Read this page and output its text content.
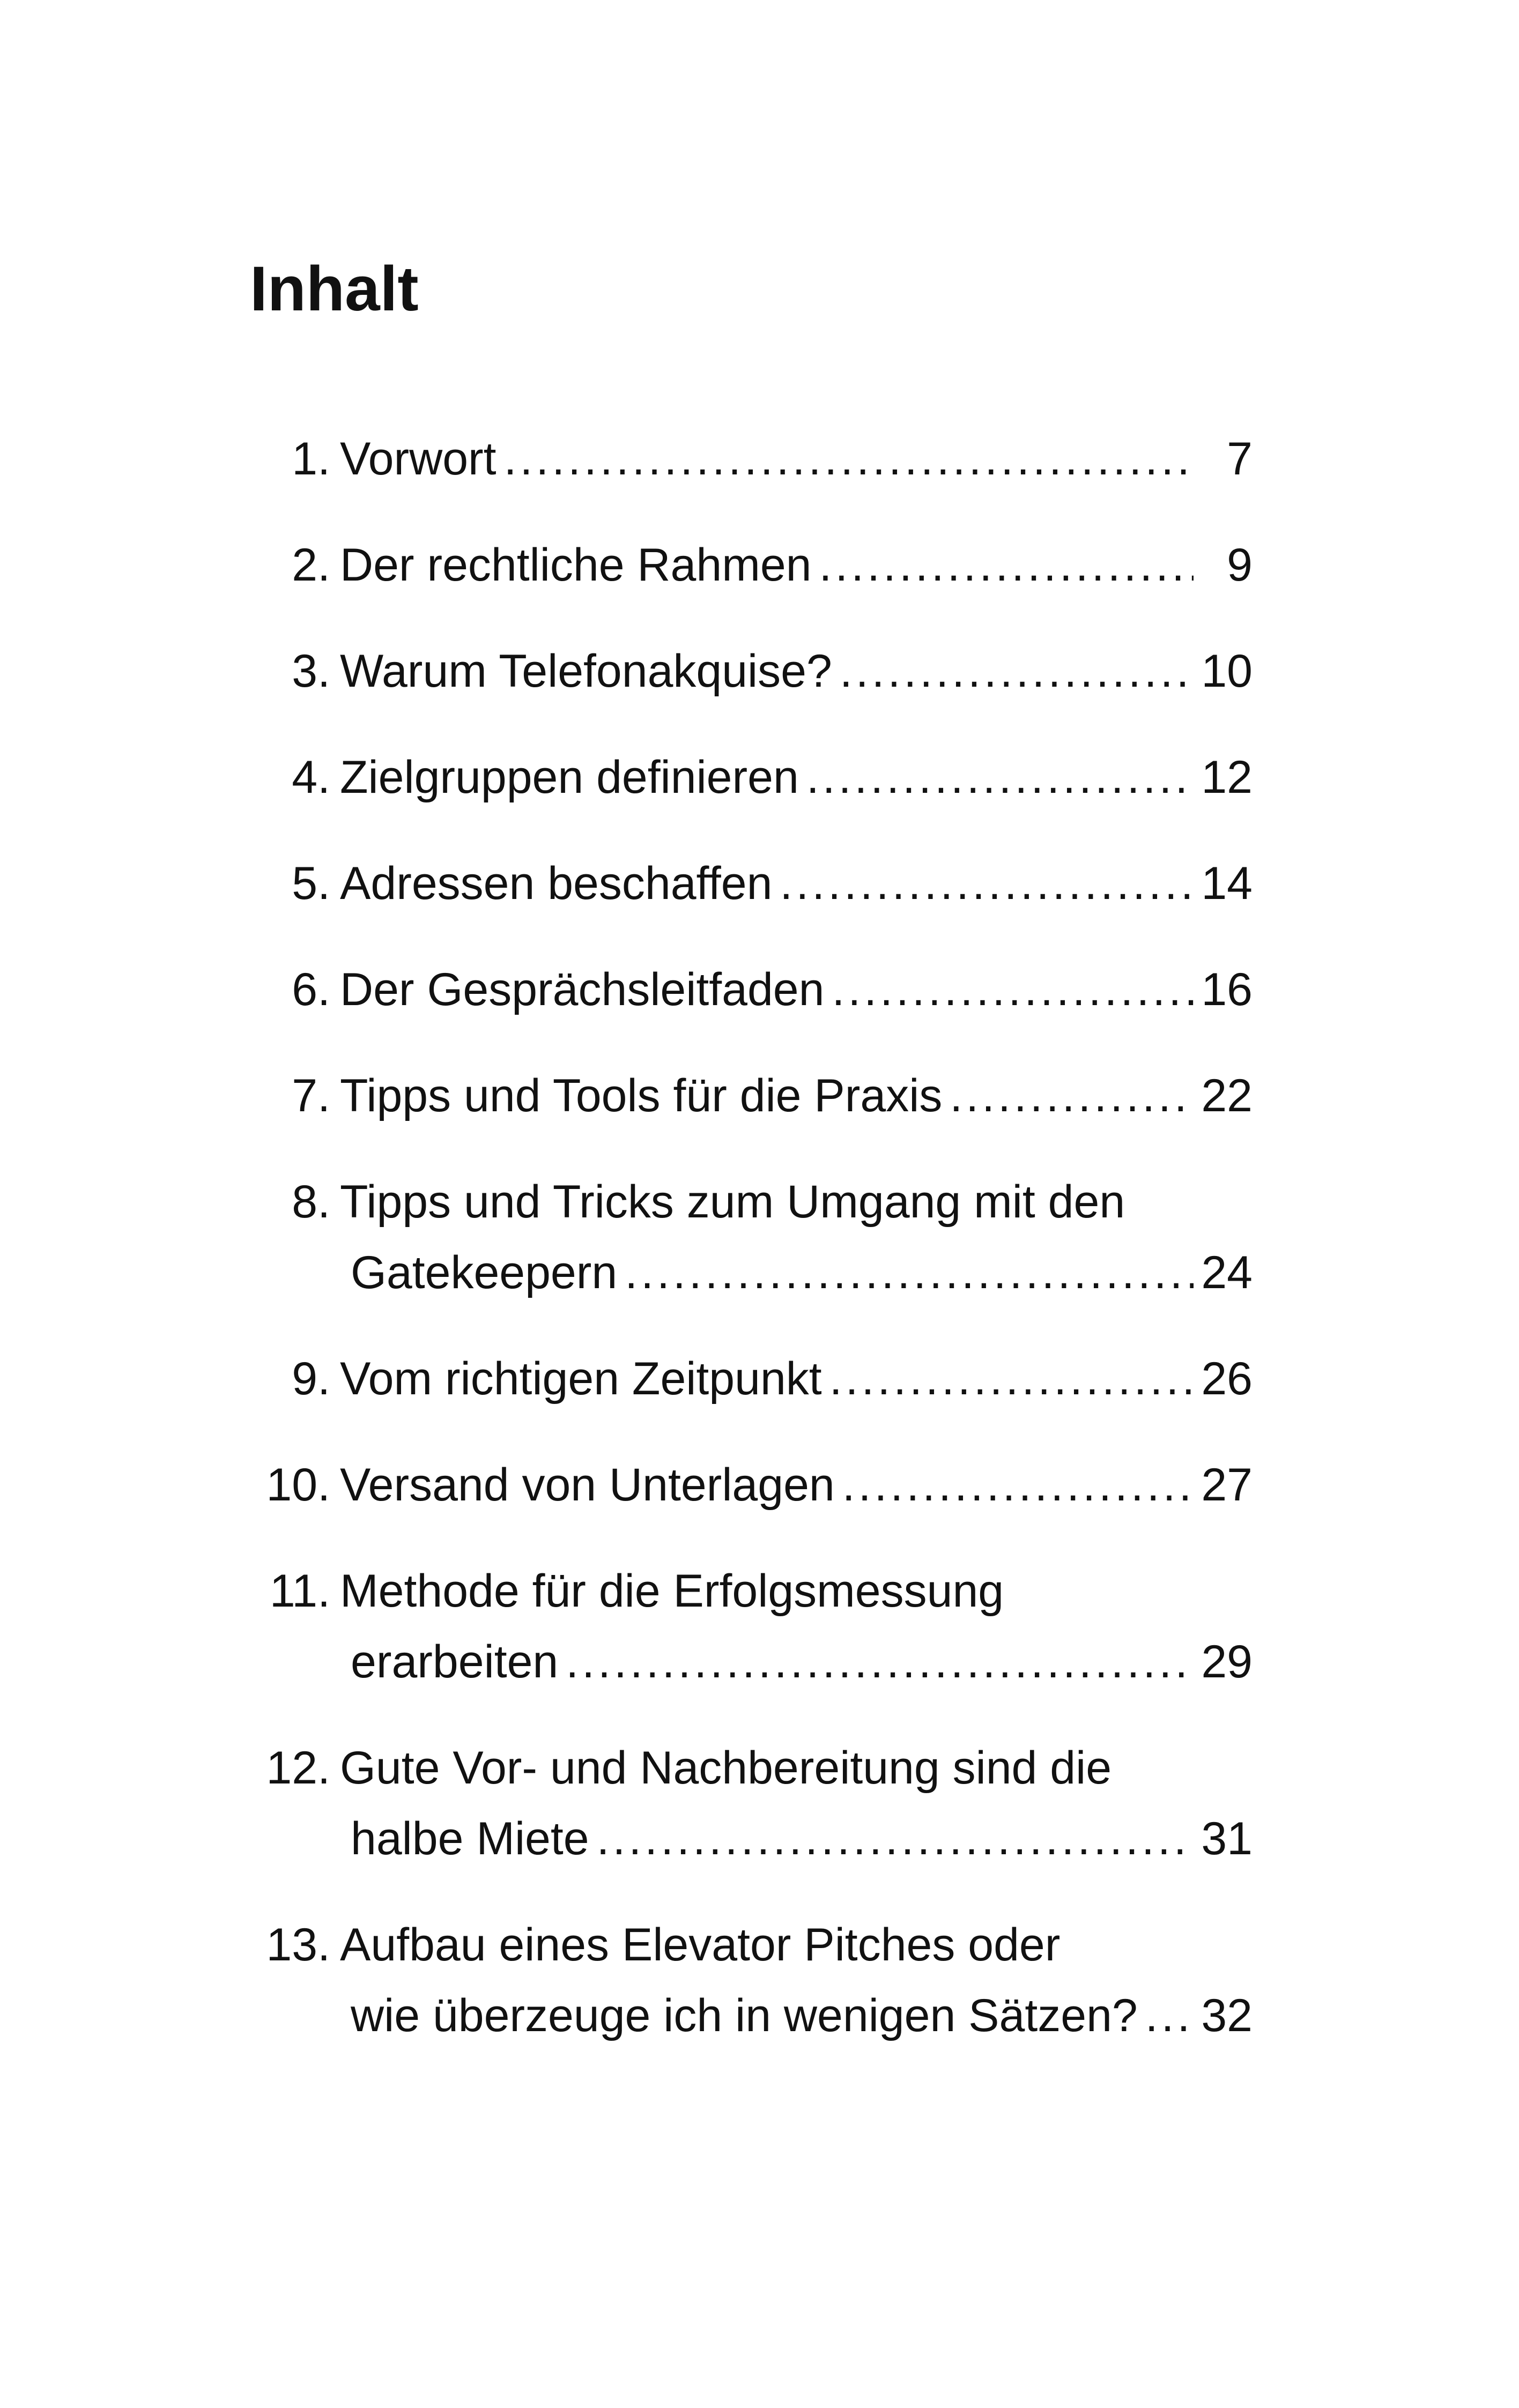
Inhalt
1. Vorwort .....	7
2. Der rechtliche Rahmen .....	9
3. Warum Telefonakquise? .....	10
4. Zielgruppen definieren .....	12
5. Adressen beschaffen .....	14
6. Der Gesprächsleitfaden .....	16
7. Tipps und Tools für die Praxis .....	22
8. Tipps und Tricks zum Umgang mit den
Gatekeepern .....	24
9. Vom richtigen Zeitpunkt .....	26
10. Versand von Unterlagen .....	27
11. Methode für die Erfolgsmessung
erarbeiten .....	29
12. Gute Vor- und Nachbereitung sind die
halbe Miete .....	31
13. Aufbau eines Elevator Pitches oder
wie überzeuge ich in wenigen Sätzen? ..... 32
